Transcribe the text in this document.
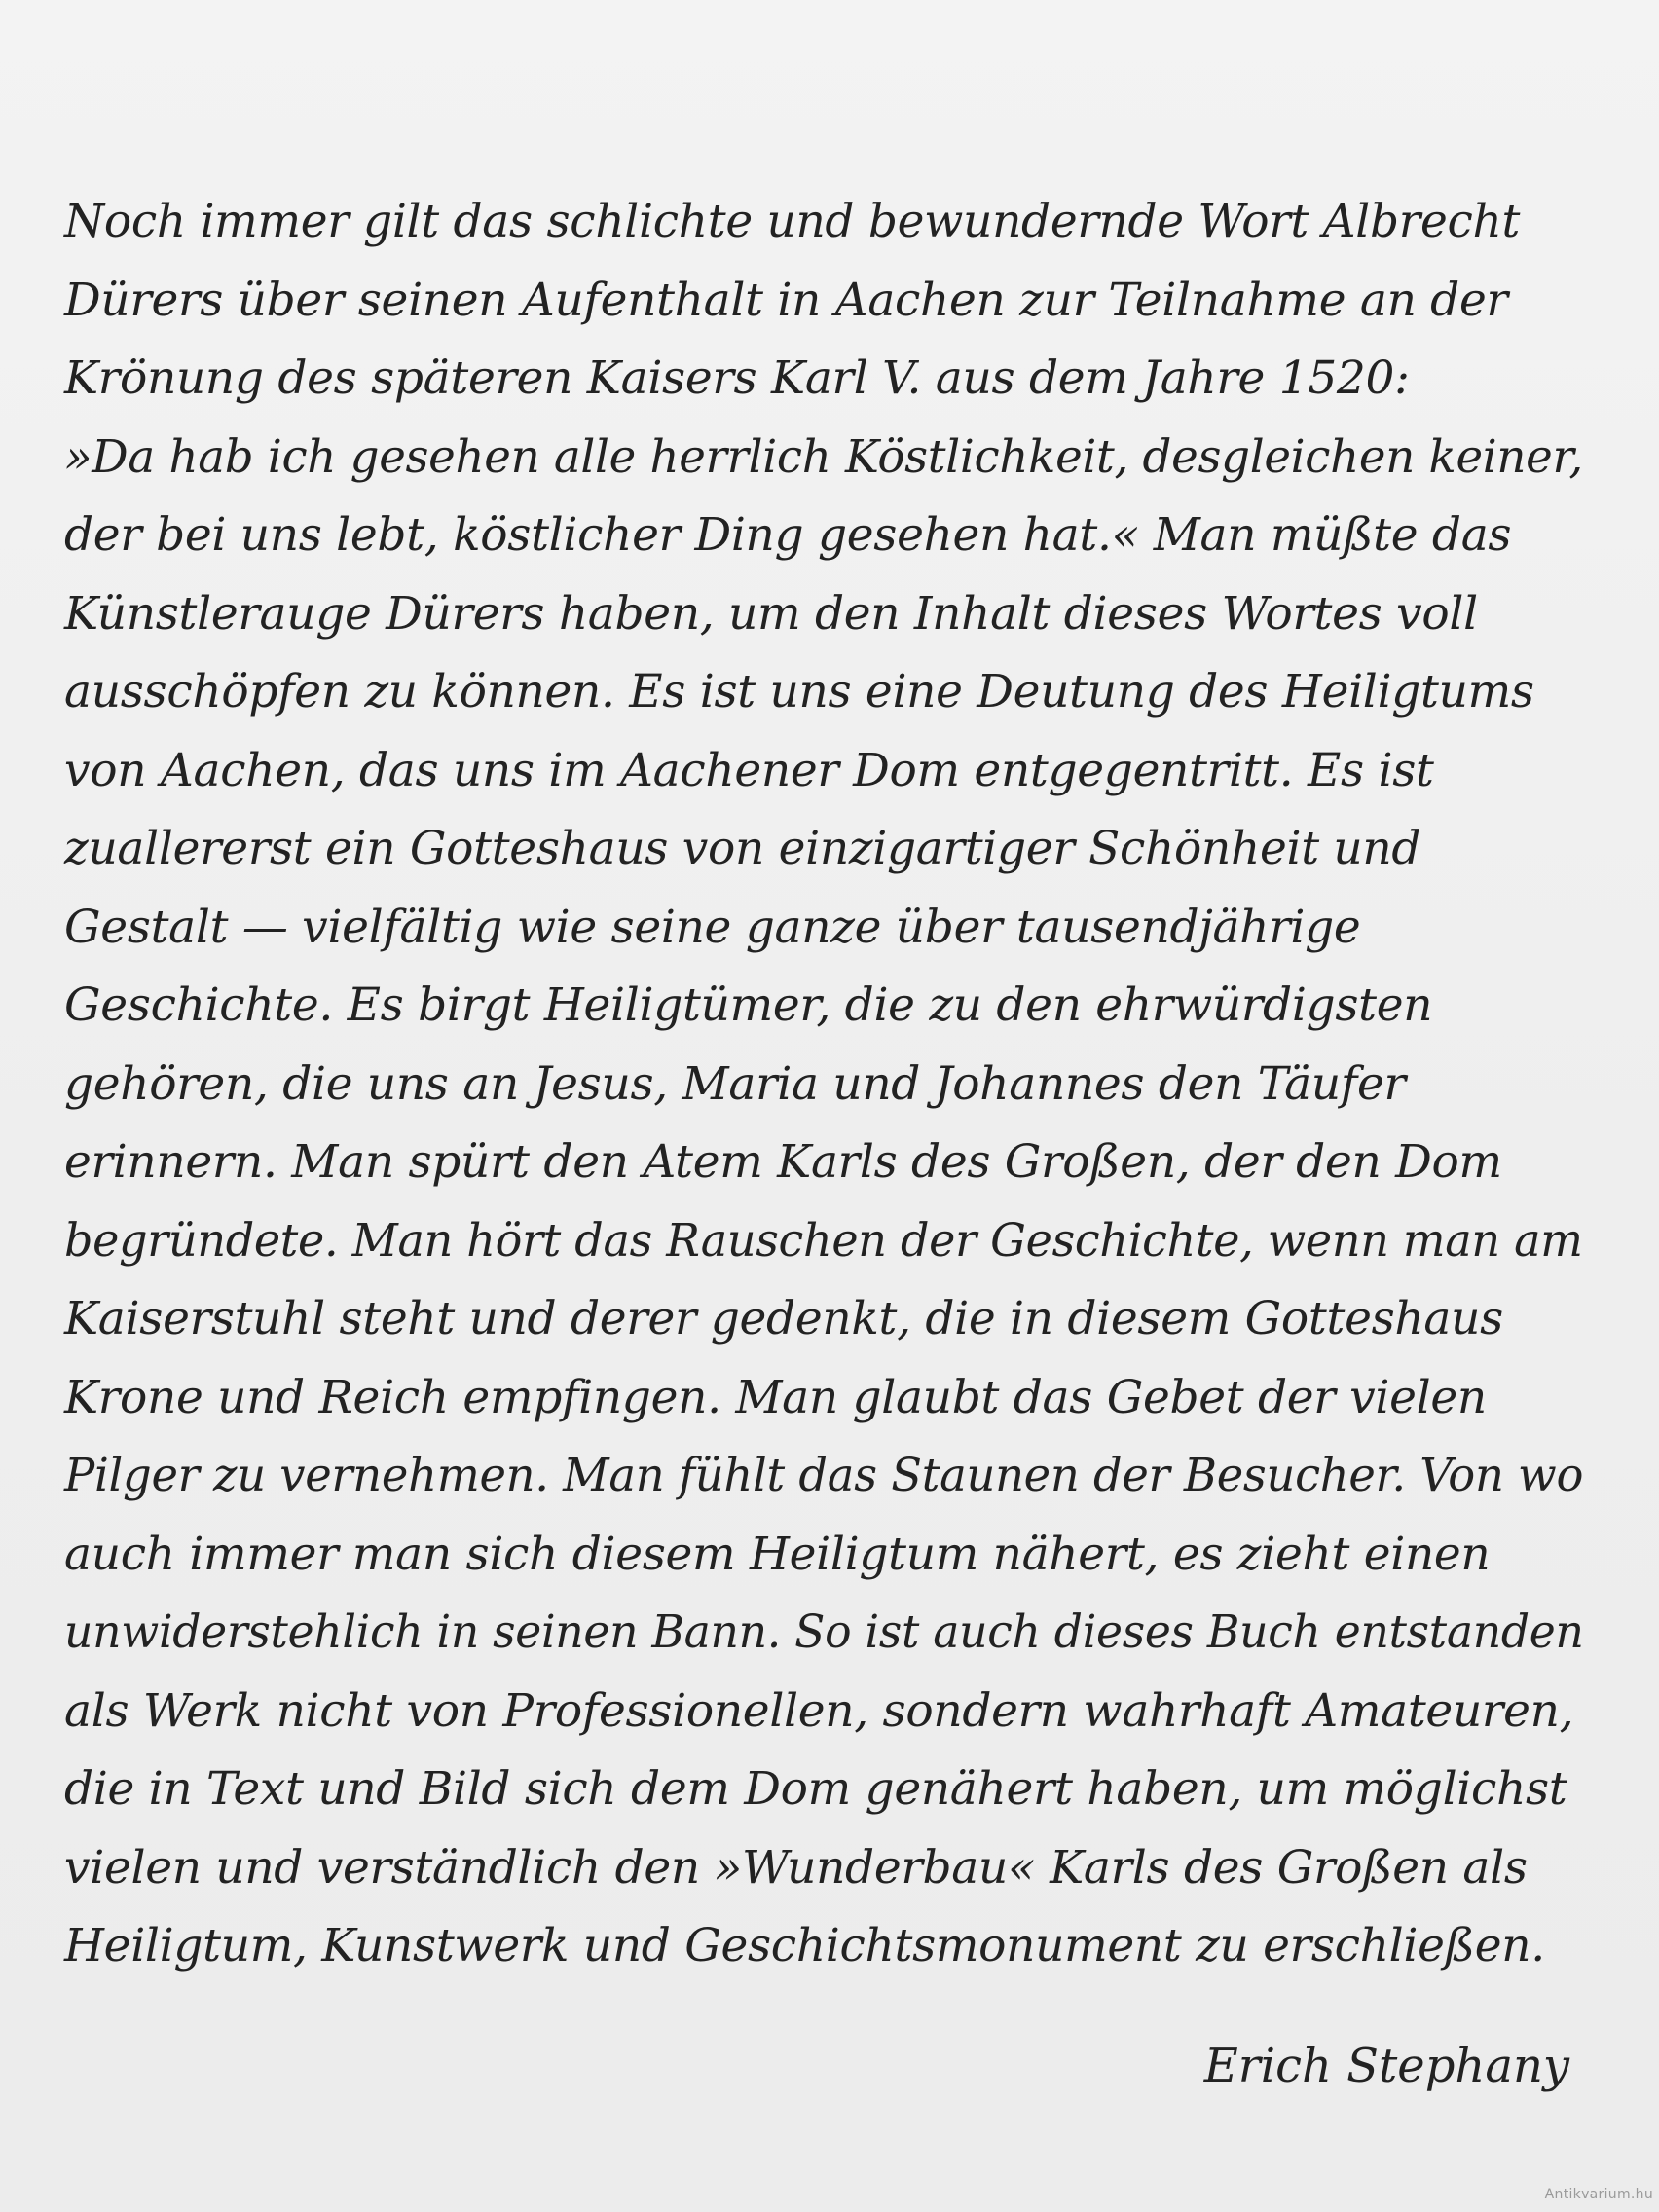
Noch immer gilt das schlichte und bewundernde Wort Albrecht
Dürers über seinen Aufenthalt in Aachen zur Teilnahme an der
Krönung des späteren Kaisers Karl V. aus dem Jahre 1520:
»Da hab ich gesehen alle herrlich Köstlichkeit, desgleichen keiner,
der bei uns lebt, köstlicher Ding gesehen hat.« Man müßte das
Künstlerauge Dürers haben, um den Inhalt dieses Wortes voll
ausschöpfen zu können. Es ist uns eine Deutung des Heiligtums
von Aachen, das uns im Aachener Dom entgegentritt. Es ist
zuallererst ein Gotteshaus von einzigartiger Schönheit und
Gestalt — vielfältig wie seine ganze über tausendjährige
Geschichte. Es birgt Heiligtümer, die zu den ehrwürdigsten
gehören, die uns an Jesus, Maria und Johannes den Täufer
erinnern. Man spürt den Atem Karls des Großen, der den Dom
begründete. Man hört das Rauschen der Geschichte, wenn man am
Kaiserstuhl steht und derer gedenkt, die in diesem Gotteshaus
Krone und Reich empfingen. Man glaubt das Gebet der vielen
Pilger zu vernehmen. Man fühlt das Staunen der Besucher. Von wo
auch immer man sich diesem Heiligtum nähert, es zieht einen
unwiderstehlich in seinen Bann. So ist auch dieses Buch entstanden
als Werk nicht von Professionellen, sondern wahrhaft Amateuren,
die in Text und Bild sich dem Dom genähert haben, um möglichst
vielen und verständlich den »Wunderbau« Karls des Großen als
Heiligtum, Kunstwerk und Geschichtsmonument zu erschließen.
Erich Stephany
Antikvarium.hu
